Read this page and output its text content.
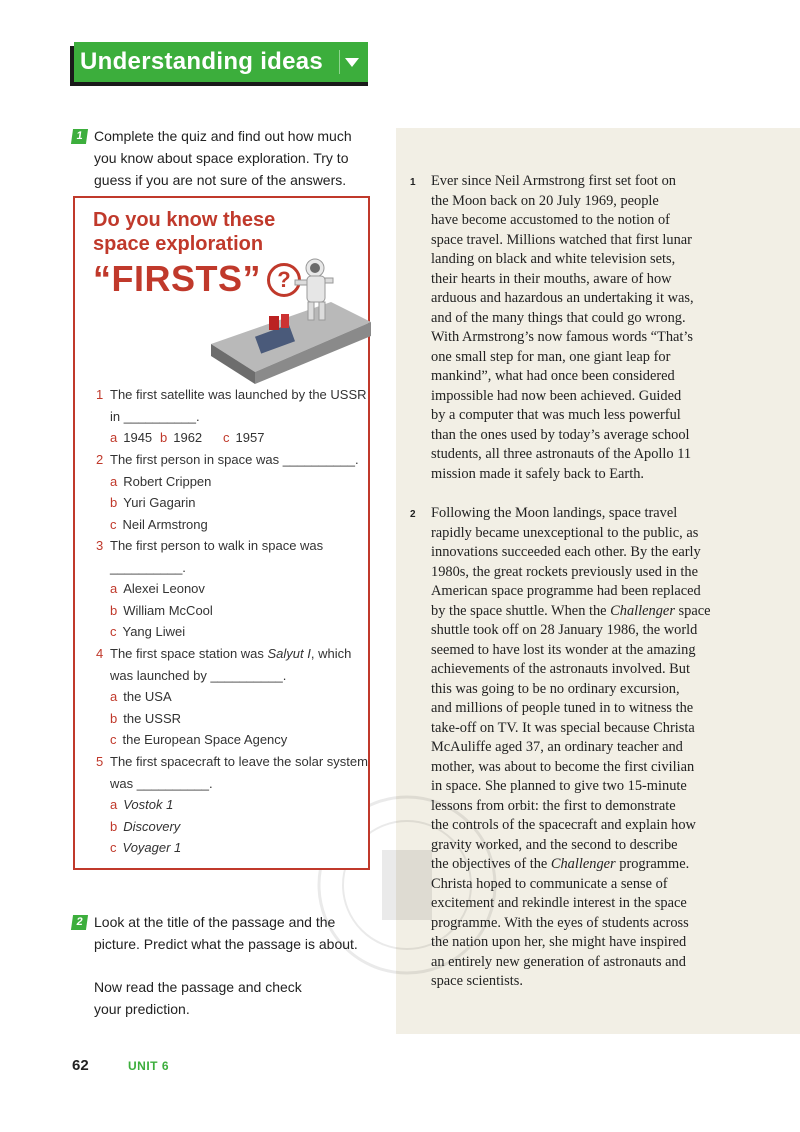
Understanding ideas
1 Ever since Neil Armstrong first set foot on
the Moon back on 20 July 1969, people
have become accustomed to the notion of
space travel. Millions watched that first lunar
landing on black and white television sets,
their hearts in their mouths, aware of how
arduous and hazardous an undertaking it was,
and of the many things that could go wrong.
With Armstrong’s now famous words “That’s
one small step for man, one giant leap for
mankind”, what had once been considered
impossible had now been achieved. Guided
by a computer that was much less powerful
than the ones used by today’s average school
students, all three astronauts of the Apollo 11
mission made it safely back to Earth.
2 Following the Moon landings, space travel
rapidly became unexceptional to the public, as
innovations succeeded each other. By the early
1980s, the great rockets previously used in the
American space programme had been replaced
by the space shuttle. When the Challenger space
shuttle took off on 28 January 1986, the world
seemed to have lost its wonder at the amazing
achievements of the astronauts involved. But
this was going to be no ordinary excursion,
and millions of people tuned in to witness the
take-off on TV. It was special because Christa
McAuliffe aged 37, an ordinary teacher and
mother, was about to become the first civilian
in space. She planned to give two 15-minute
lessons from orbit: the first to demonstrate
the controls of the spacecraft and explain how
gravity worked, and the second to describe
the objectives of the Challenger programme.
Christa hoped to communicate a sense of
excitement and rekindle interest in the space
programme. With the eyes of students across
the nation upon her, she might have inspired
an entirely new generation of astronauts and
space scientists.
1 Complete the quiz and find out how much
you know about space exploration. Try to
guess if you are not sure of the answers.
Do you know these
space exploration
“FIRSTS” ?
1 The first satellite was launched by the USSR
in __________.
a 1945 b 1962 c 1957
2 The first person in space was __________.
a Robert Crippen
b Yuri Gagarin
c Neil Armstrong
3 The first person to walk in space was
__________.
a Alexei Leonov
b William McCool
c Yang Liwei
4 The first space station was Salyut I, which
was launched by __________.
a the USA
b the USSR
c the European Space Agency
5 The first spacecraft to leave the solar system
was __________.
a Vostok 1
b Discovery
c Voyager 1
2 Look at the title of the passage and the
picture. Predict what the passage is about.
Now read the passage and check
your prediction.
62	UNIT 6
